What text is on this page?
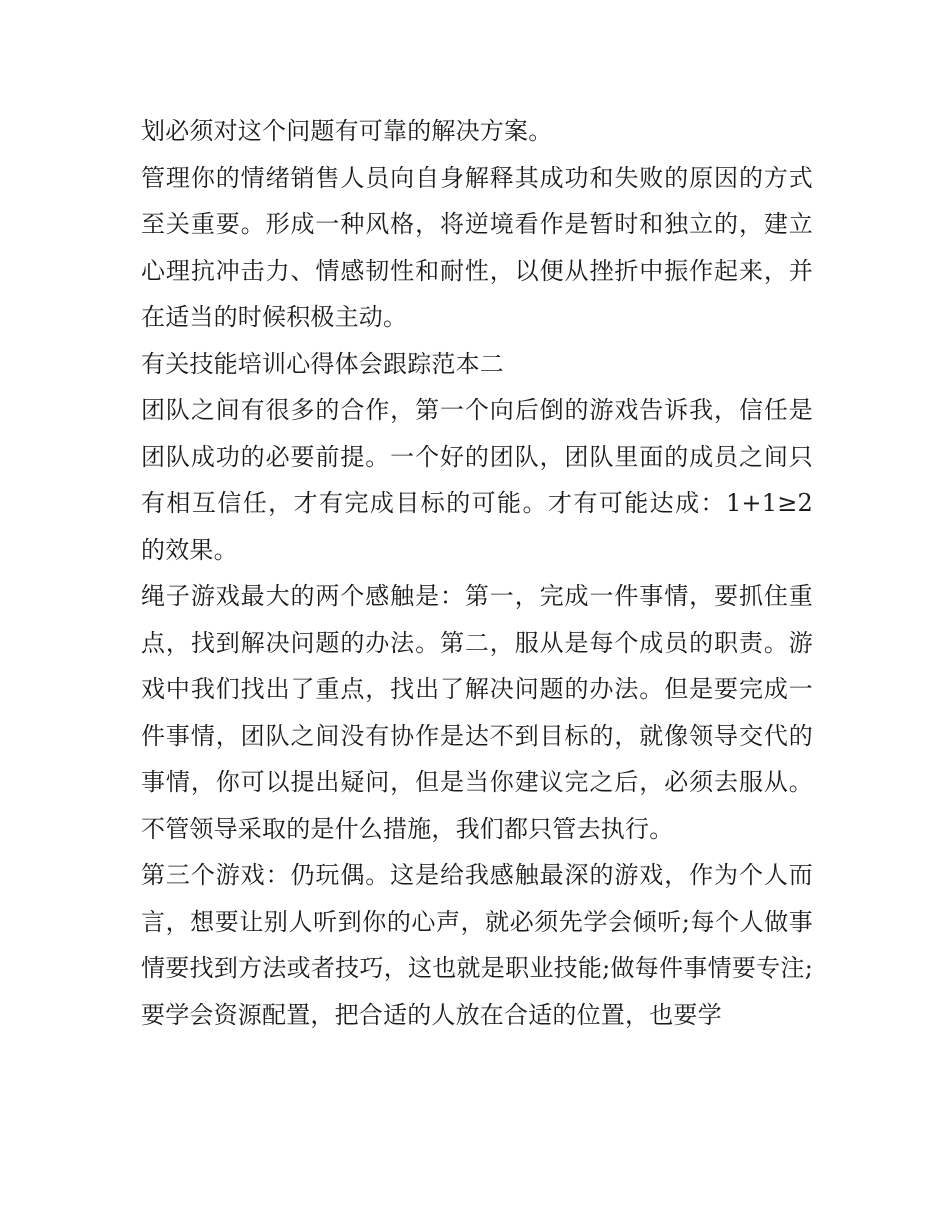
划必须对这个问题有可靠的解决方案。

管理你的情绪销售人员向自身解释其成功和失败的原因的方式至关重要。形成一种风格，将逆境看作是暂时和独立的，建立心理抗冲击力、情感韧性和耐性，以便从挫折中振作起来，并在适当的时候积极主动。

有关技能培训心得体会跟踪范本二

团队之间有很多的合作，第一个向后倒的游戏告诉我，信任是团队成功的必要前提。一个好的团队，团队里面的成员之间只有相互信任，才有完成目标的可能。才有可能达成：1+1≥2 的效果。

绳子游戏最大的两个感触是：第一，完成一件事情，要抓住重点，找到解决问题的办法。第二，服从是每个成员的职责。游戏中我们找出了重点，找出了解决问题的办法。但是要完成一件事情，团队之间没有协作是达不到目标的，就像领导交代的事情，你可以提出疑问，但是当你建议完之后，必须去服从。不管领导采取的是什么措施，我们都只管去执行。

第三个游戏：仍玩偶。这是给我感触最深的游戏，作为个人而言，想要让别人听到你的心声，就必须先学会倾听;每个人做事情要找到方法或者技巧，这也就是职业技能;做每件事情要专注;要学会资源配置，把合适的人放在合适的位置，也要学
